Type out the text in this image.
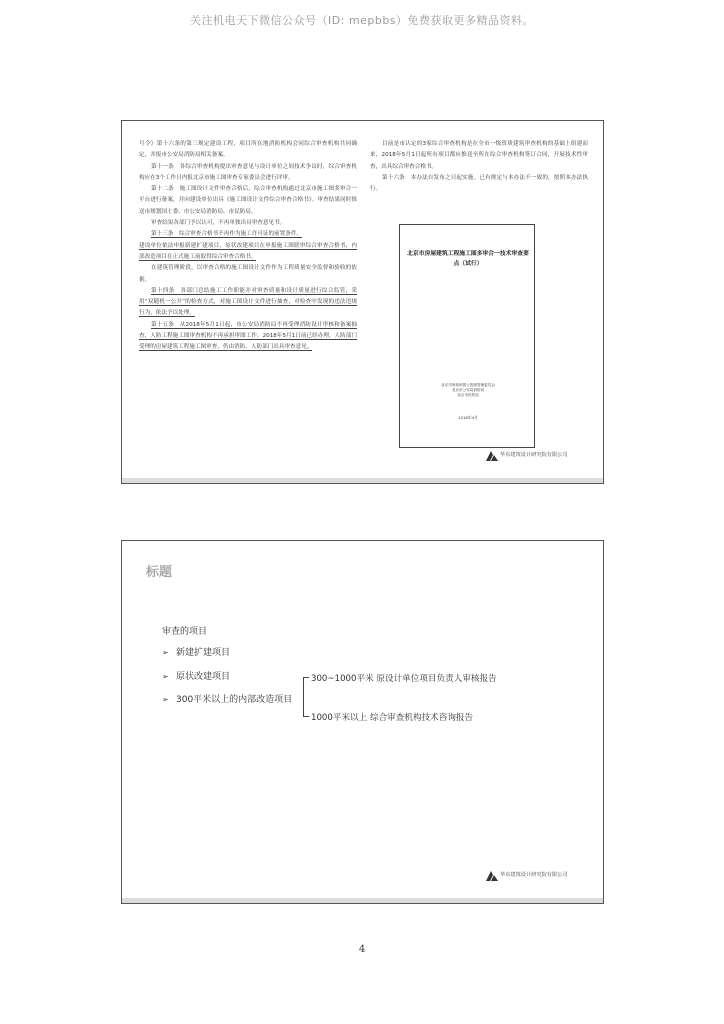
关注机电天下微信公众号（ID: mepbbs）免费获取更多精品资料。

号令》第十六条的第三规定建设工程，项目所在地消防机构会同综合审查机构共同确定，并报市公安局消防局相关备案。

第十一条　各综合审查机构提出审查意见与设计单位之间技术争议时，综合审查机构应在3个工作日内报北京市施工图审查专家委员会进行评审。

第十二条　施工图设计文件审查合格后，综合审查机构通过北京市施工图多审合一平台进行备案，并向建设单位出具《施工图设计文件综合审查合格书》。审查结果同时推送市规划国土委、市公安局消防局、市民防局。

审查结果各部门予以认可，不再单独出具审查意见书。

第十三条　综合审查合格书不再作为施工许可证的前置条件。

建设单位依法申报新建扩建项目，原状改建项目在申报施工图联审综合审查合格书，内部改造项目在正式施工前取得综合审查合格书。

在建筑管理阶段，以审查合格的施工图设计文件作为工程质量安全监督和验收的依据。

第十四条　各部门总结施工工作职能并对审查质量和设计质量进行综合监管，采用“双随机一公开”的检查方式，对施工图设计文件进行抽查，对检查中发现的违法违规行为，依法予以处理。

第十五条　从2018年5月1日起，市公安局消防局不再受理消防设计审核和备案抽查，人防工程施工图审查机构不再承担审图工作。2018年5月1日前已经办理，人防部门受理的房屋建筑工程施工图审查，仍由消防、人防部门出具审查意见。

目前是市认定的3家综合审查机构是在全市一级资质建筑审查机构的基础上组建而来，2018年5月1日起所有项目都应推送至所在综合审查机构签订合同，开展技术性审查，出具综合审查合格书。

第十六条　本办法自发布之日起实施。已有规定与本办法不一致的，按照本办法执行。

北京市房屋建筑工程施工图多审合一技术审查要点（试行）
北京市规划和国土资源管理委员会
北京市公安局消防局
北京市民防局
2018年4月
华东建筑设计研究院有限公司
标题
审查的项目
➢ 新建扩建项目
➢ 原状改建项目
➢ 300平米以上的内部改造项目
300~1000平米 原设计单位项目负责人审核报告
1000平米以上 综合审查机构技术咨询报告
华东建筑设计研究院有限公司
4
